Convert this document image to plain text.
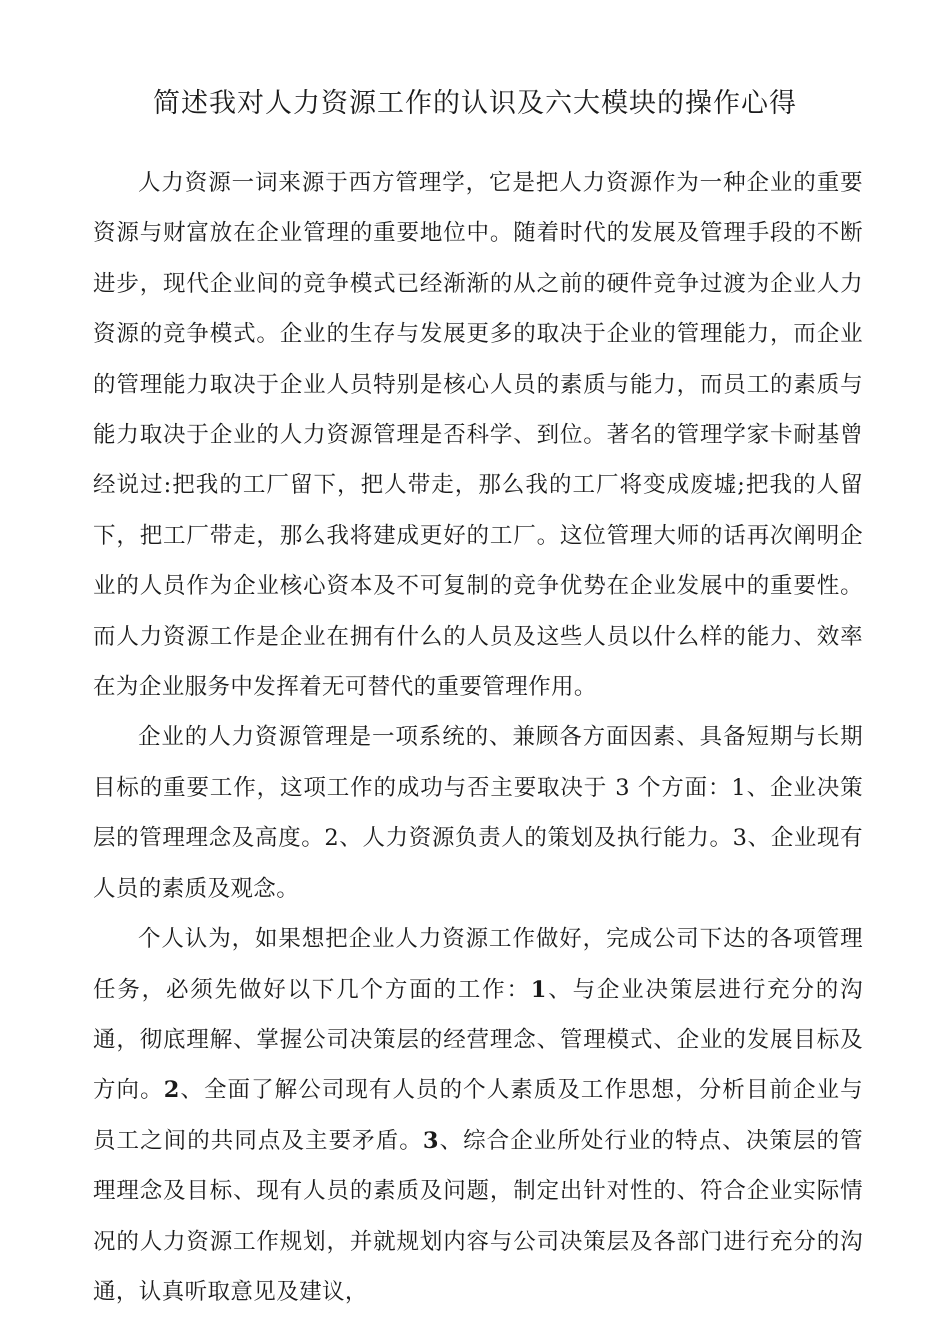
简述我对人力资源工作的认识及六大模块的操作心得

人力资源一词来源于西方管理学，它是把人力资源作为一种企业的重要资源与财富放在企业管理的重要地位中。随着时代的发展及管理手段的不断进步，现代企业间的竞争模式已经渐渐的从之前的硬件竞争过渡为企业人力资源的竞争模式。企业的生存与发展更多的取决于企业的管理能力，而企业的管理能力取决于企业人员特别是核心人员的素质与能力，而员工的素质与能力取决于企业的人力资源管理是否科学、到位。著名的管理学家卡耐基曾经说过:把我的工厂留下，把人带走，那么我的工厂将变成废墟;把我的人留下，把工厂带走，那么我将建成更好的工厂。这位管理大师的话再次阐明企业的人员作为企业核心资本及不可复制的竞争优势在企业发展中的重要性。而人力资源工作是企业在拥有什么的人员及这些人员以什么样的能力、效率在为企业服务中发挥着无可替代的重要管理作用。

企业的人力资源管理是一项系统的、兼顾各方面因素、具备短期与长期目标的重要工作，这项工作的成功与否主要取决于 3 个方面：1、企业决策层的管理理念及高度。2、人力资源负责人的策划及执行能力。3、企业现有人员的素质及观念。

个人认为，如果想把企业人力资源工作做好，完成公司下达的各项管理任务，必须先做好以下几个方面的工作：1、与企业决策层进行充分的沟通，彻底理解、掌握公司决策层的经营理念、管理模式、企业的发展目标及方向。2、全面了解公司现有人员的个人素质及工作思想，分析目前企业与员工之间的共同点及主要矛盾。3、综合企业所处行业的特点、决策层的管理理念及目标、现有人员的素质及问题，制定出针对性的、符合企业实际情况的人力资源工作规划，并就规划内容与公司决策层及各部门进行充分的沟通，认真听取意见及建议，
